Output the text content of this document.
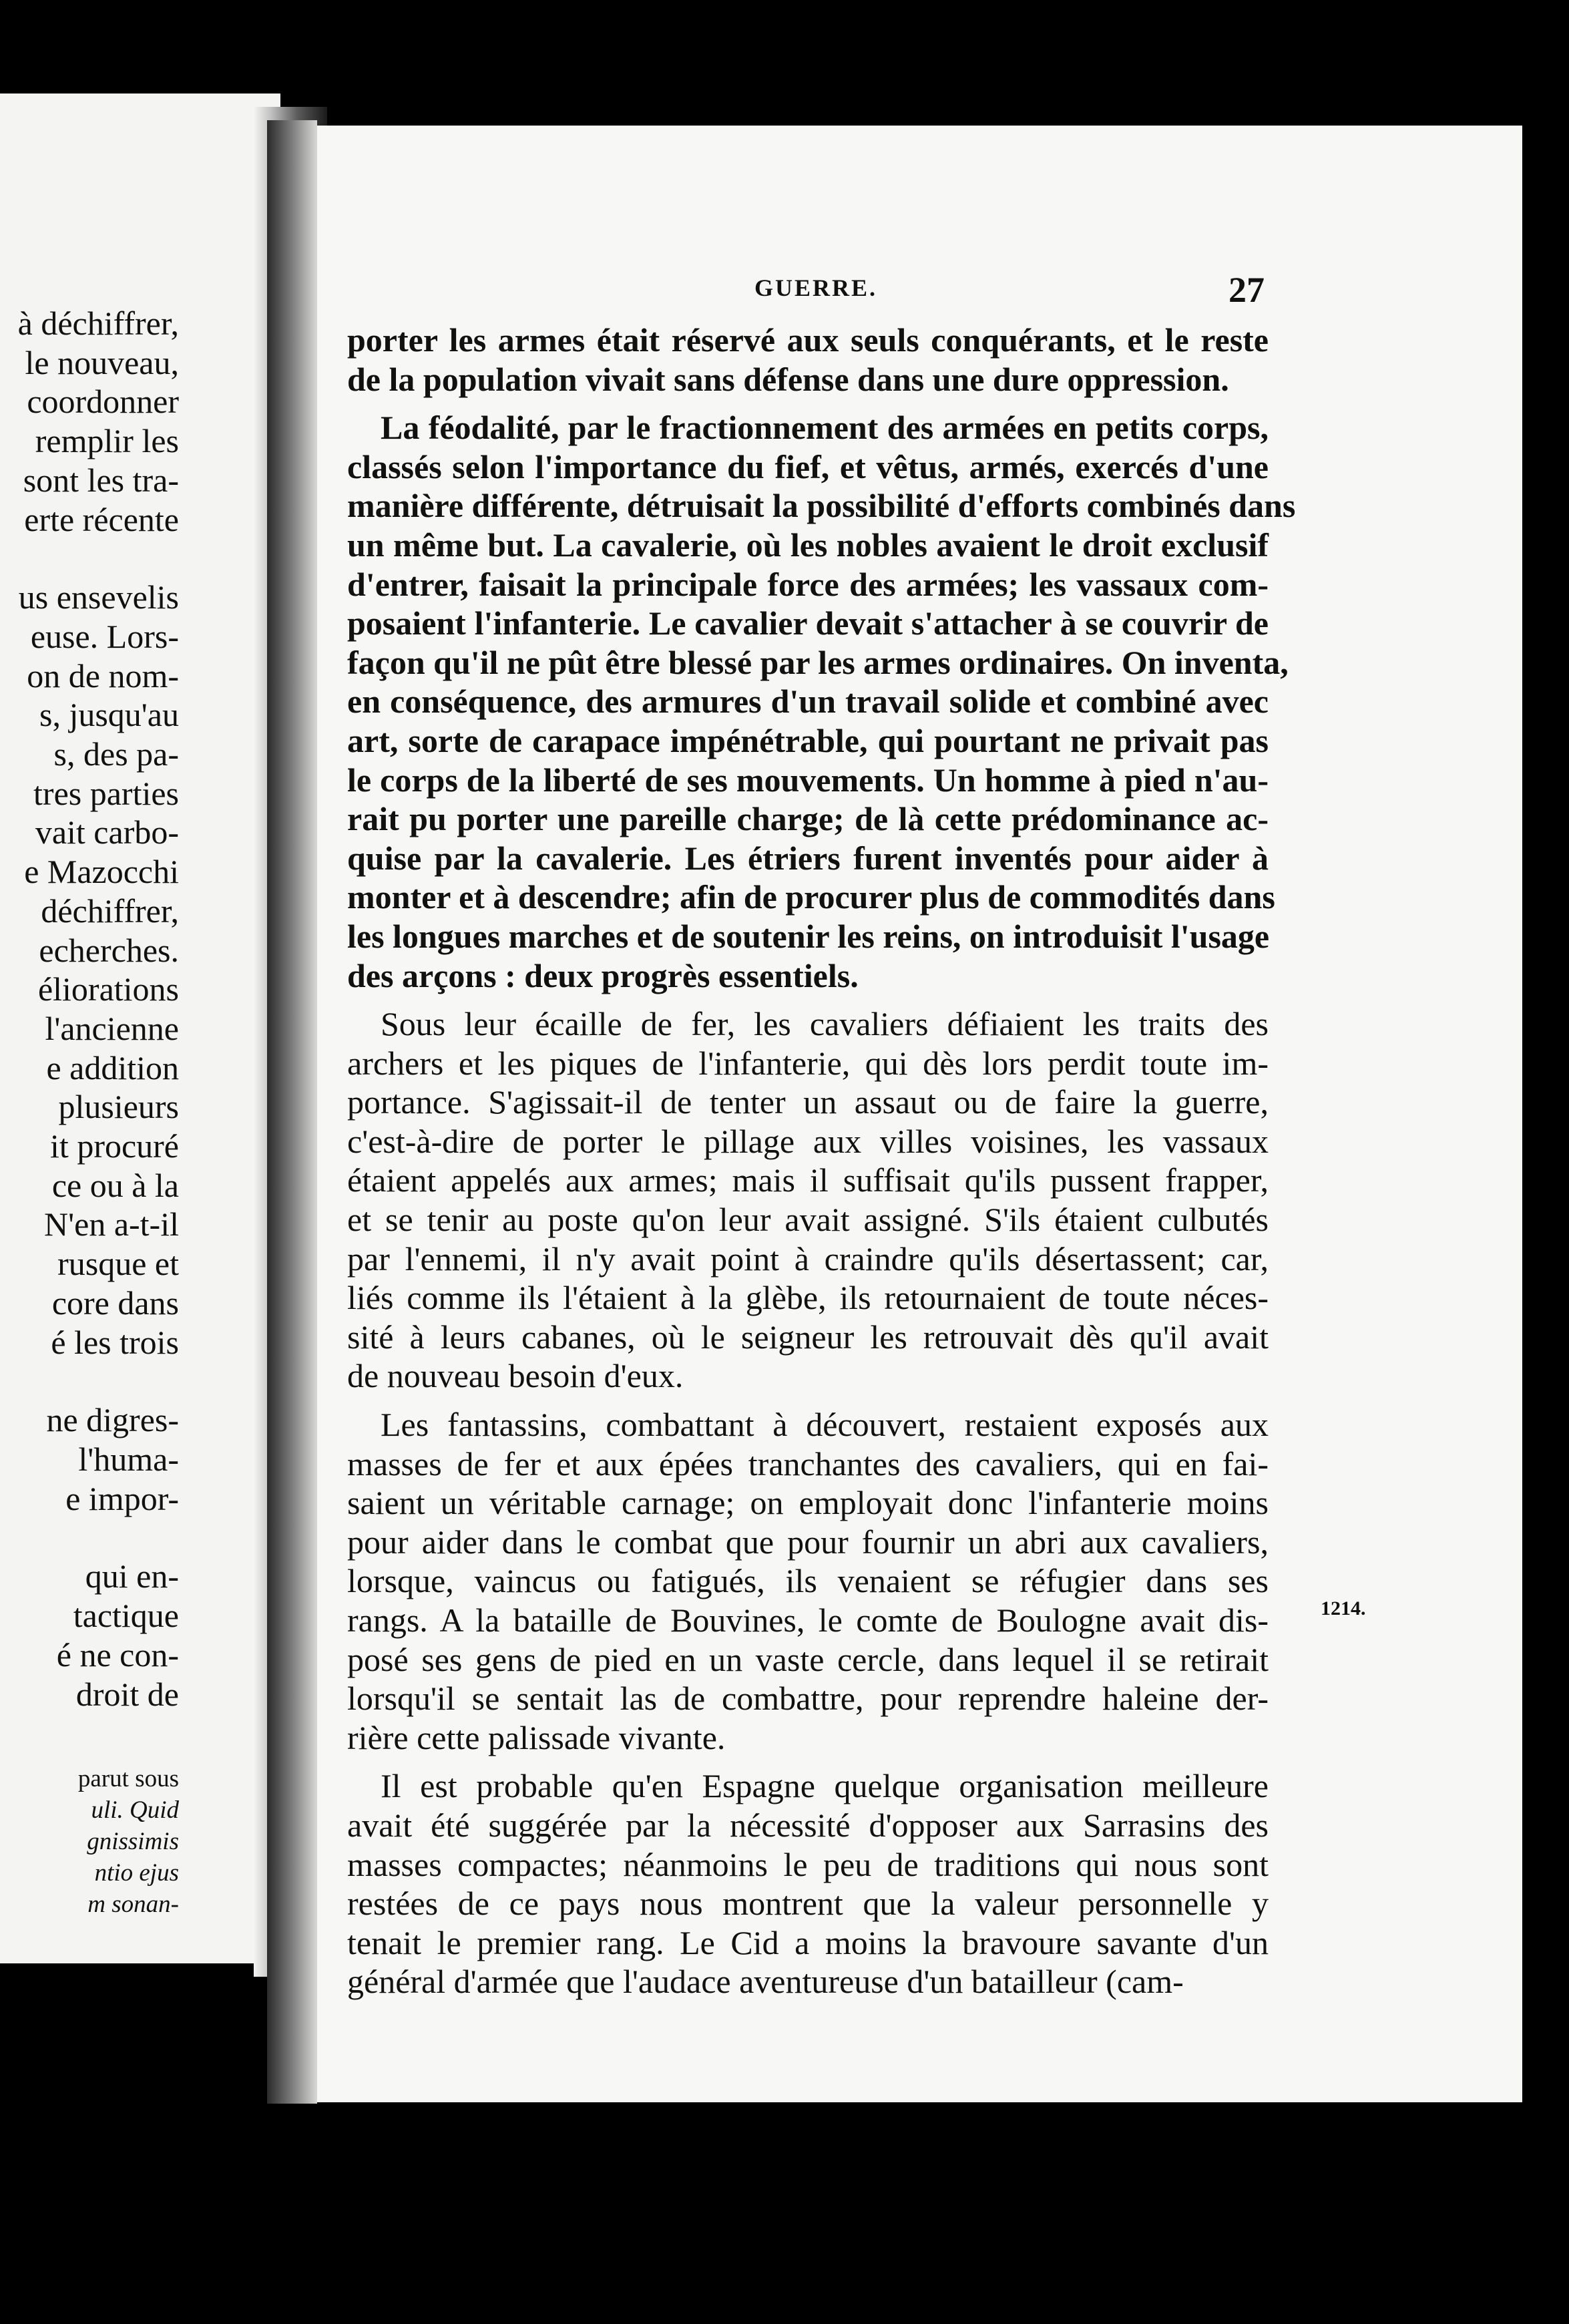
à déchiffrer,
le nouveau,
coordonner
remplir les
sont les tra-
erte récente
us ensevelis
euse. Lors-
on de nom-
s, jusqu'au
s, des pa-
tres parties
vait carbo-
e Mazocchi
déchiffrer,
echerches.
éliorations
l'ancienne
e addition
plusieurs
it procuré
ce ou à la
N'en a-t-il
rusque et
core dans
é les trois
ne digres-
l'huma-
e impor-
qui en-
tactique
é ne con-
droit de
parut sous
uli. Quid
gnissimis
ntio ejus
m sonan-
GUERRE.	27
porter les armes était réservé aux seuls conquérants, et le reste
de la population vivait sans défense dans une dure oppression.
La féodalité, par le fractionnement des armées en petits corps,
classés selon l'importance du fief, et vêtus, armés, exercés d'une
manière différente, détruisait la possibilité d'efforts combinés dans
un même but. La cavalerie, où les nobles avaient le droit exclusif
d'entrer, faisait la principale force des armées; les vassaux com-
posaient l'infanterie. Le cavalier devait s'attacher à se couvrir de
façon qu'il ne pût être blessé par les armes ordinaires. On inventa,
en conséquence, des armures d'un travail solide et combiné avec
art, sorte de carapace impénétrable, qui pourtant ne privait pas
le corps de la liberté de ses mouvements. Un homme à pied n'au-
rait pu porter une pareille charge; de là cette prédominance ac-
quise par la cavalerie. Les étriers furent inventés pour aider à
monter et à descendre; afin de procurer plus de commodités dans
les longues marches et de soutenir les reins, on introduisit l'usage
des arçons : deux progrès essentiels.
Sous leur écaille de fer, les cavaliers défiaient les traits des
archers et les piques de l'infanterie, qui dès lors perdit toute im-
portance. S'agissait-il de tenter un assaut ou de faire la guerre,
c'est-à-dire de porter le pillage aux villes voisines, les vassaux
étaient appelés aux armes; mais il suffisait qu'ils pussent frapper,
et se tenir au poste qu'on leur avait assigné. S'ils étaient culbutés
par l'ennemi, il n'y avait point à craindre qu'ils désertassent; car,
liés comme ils l'étaient à la glèbe, ils retournaient de toute néces-
sité à leurs cabanes, où le seigneur les retrouvait dès qu'il avait
de nouveau besoin d'eux.
Les fantassins, combattant à découvert, restaient exposés aux
masses de fer et aux épées tranchantes des cavaliers, qui en fai-
saient un véritable carnage; on employait donc l'infanterie moins
pour aider dans le combat que pour fournir un abri aux cavaliers,
lorsque, vaincus ou fatigués, ils venaient se réfugier dans ses
rangs. A la bataille de Bouvines, le comte de Boulogne avait dis-
posé ses gens de pied en un vaste cercle, dans lequel il se retirait
lorsqu'il se sentait las de combattre, pour reprendre haleine der-
rière cette palissade vivante.
Il est probable qu'en Espagne quelque organisation meilleure
avait été suggérée par la nécessité d'opposer aux Sarrasins des
masses compactes; néanmoins le peu de traditions qui nous sont
restées de ce pays nous montrent que la valeur personnelle y
tenait le premier rang. Le Cid a moins la bravoure savante d'un
général d'armée que l'audace aventureuse d'un batailleur (cam-
1214.
